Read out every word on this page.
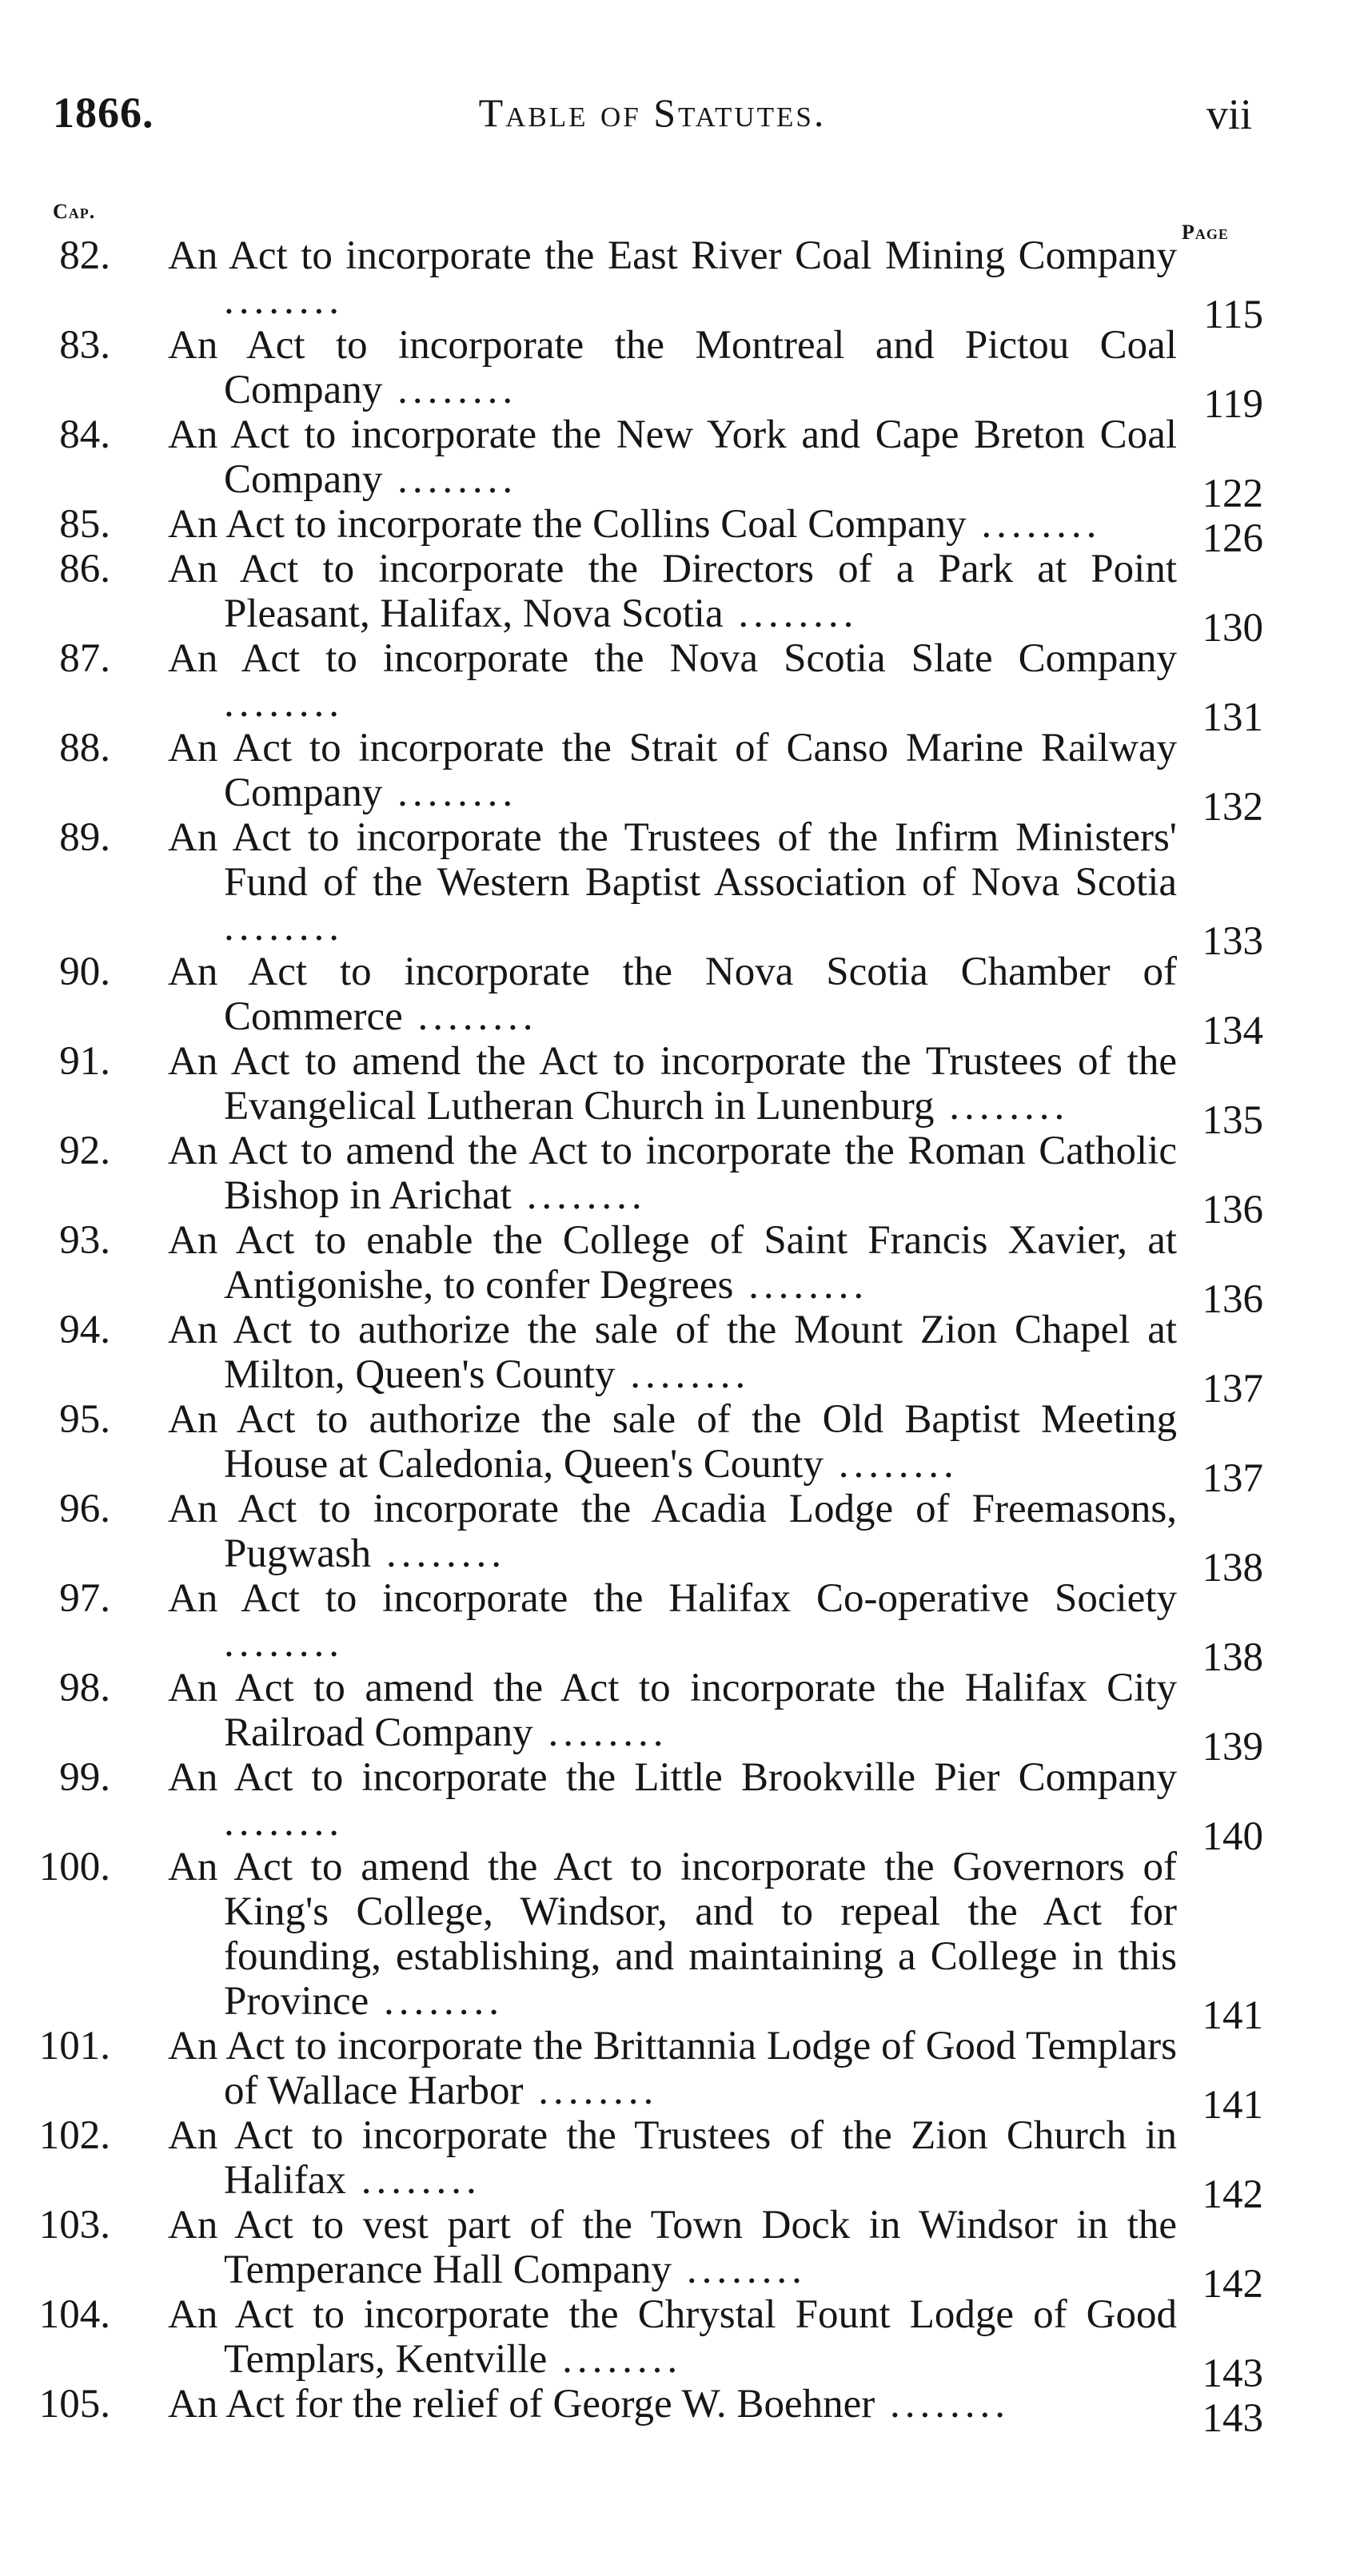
1866.	Table of Statutes.	vii
Cap.
Page
82. An Act to incorporate the East River Coal Mining Company ........	115
83. An Act to incorporate the Montreal and Pictou Coal Company ........	119
84. An Act to incorporate the New York and Cape Breton Coal Company ........	122
85. An Act to incorporate the Collins Coal Company ........	126
86. An Act to incorporate the Directors of a Park at Point Pleasant, Halifax, Nova Scotia ........	130
87. An Act to incorporate the Nova Scotia Slate Company ........	131
88. An Act to incorporate the Strait of Canso Marine Railway Company ........	132
89. An Act to incorporate the Trustees of the Infirm Ministers' Fund of the Western Baptist Association of Nova Scotia ........	133
90. An Act to incorporate the Nova Scotia Chamber of Commerce ........	134
91. An Act to amend the Act to incorporate the Trustees of the Evangelical Lutheran Church in Lunenburg ........	135
92. An Act to amend the Act to incorporate the Roman Catholic Bishop in Arichat ........	136
93. An Act to enable the College of Saint Francis Xavier, at Antigonishe, to confer Degrees ........	136
94. An Act to authorize the sale of the Mount Zion Chapel at Milton, Queen's County ........	137
95. An Act to authorize the sale of the Old Baptist Meeting House at Caledonia, Queen's County ........	137
96. An Act to incorporate the Acadia Lodge of Freemasons, Pugwash ........	138
97. An Act to incorporate the Halifax Co-operative Society ........	138
98. An Act to amend the Act to incorporate the Halifax City Railroad Company ........	139
99. An Act to incorporate the Little Brookville Pier Company ........	140
100. An Act to amend the Act to incorporate the Governors of King's College, Windsor, and to repeal the Act for founding, establishing, and maintaining a College in this Province ........	141
101. An Act to incorporate the Brittannia Lodge of Good Templars of Wallace Harbor ........	141
102. An Act to incorporate the Trustees of the Zion Church in Halifax ........	142
103. An Act to vest part of the Town Dock in Windsor in the Temperance Hall Company ........	142
104. An Act to incorporate the Chrystal Fount Lodge of Good Templars, Kentville ........	143
105. An Act for the relief of George W. Boehner ........	143
